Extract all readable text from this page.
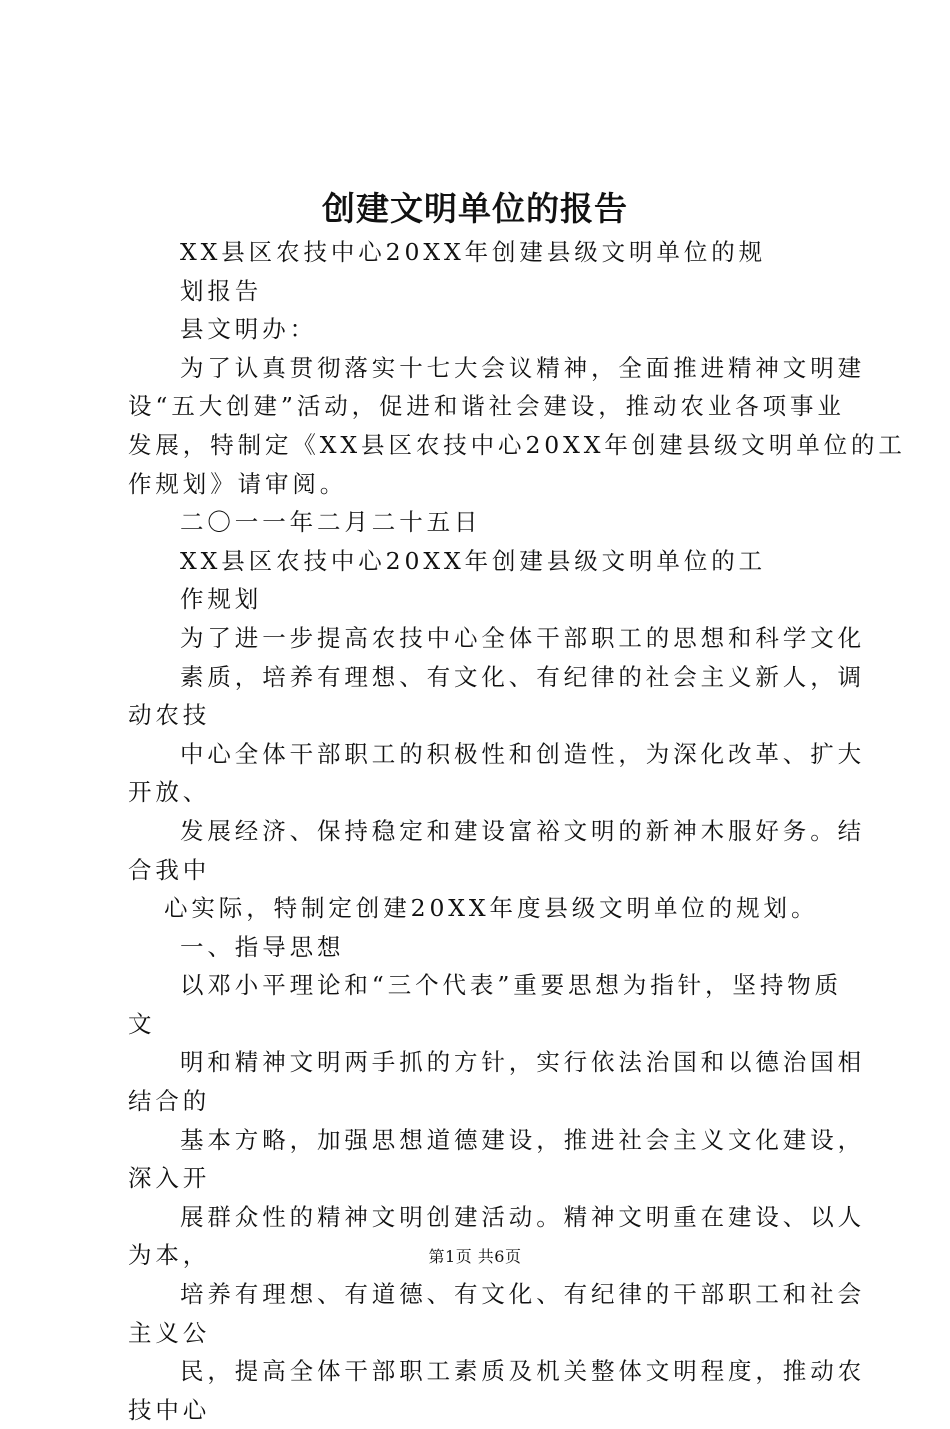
创建文明单位的报告

XX县区农技中心20XX年创建县级文明单位的规

划报告

县文明办：

为了认真贯彻落实十七大会议精神，全面推进精神文明建

设“五大创建”活动，促进和谐社会建设，推动农业各项事业

发展，特制定《XX县区农技中心20XX年创建县级文明单位的工

作规划》请审阅。

二〇一一年二月二十五日

XX县区农技中心20XX年创建县级文明单位的工

作规划

为了进一步提高农技中心全体干部职工的思想和科学文化

素质，培养有理想、有文化、有纪律的社会主义新人，调

动农技

中心全体干部职工的积极性和创造性，为深化改革、扩大

开放、

发展经济、保持稳定和建设富裕文明的新神木服好务。结

合我中

心实际，特制定创建20XX年度县级文明单位的规划。

一、指导思想

以邓小平理论和“三个代表”重要思想为指针，坚持物质

文

明和精神文明两手抓的方针，实行依法治国和以德治国相

结合的

基本方略，加强思想道德建设，推进社会主义文化建设，

深入开

展群众性的精神文明创建活动。精神文明重在建设、以人

为本，

培养有理想、有道德、有文化、有纪律的干部职工和社会

主义公

民，提高全体干部职工素质及机关整体文明程度，推动农

技中心

第1页 共6页
